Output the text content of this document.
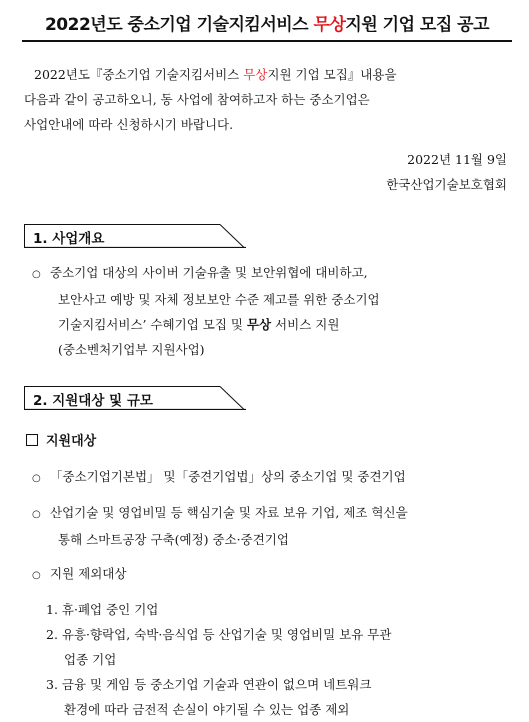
2022년도 중소기업 기술지킴서비스 무상지원 기업 모집 공고
2022년도『중소기업 기술지킴서비스 무상지원 기업 모집』내용을
다음과 같이 공고하오니, 동 사업에 참여하고자 하는 중소기업은
사업안내에 따라 신청하시기 바랍니다.
2022년 11월 9일
한국산업기술보호협회
1. 사업개요
○ 중소기업 대상의 사이버 기술유출 및 보안위협에 대비하고,
보안사고 예방 및 자체 정보보안 수준 제고를 위한 중소기업
기술지킴서비스’ 수혜기업 모집 및 무상 서비스 지원
(중소벤처기업부 지원사업)
2. 지원대상 및 규모
지원대상
○ 「중소기업기본법」 및「중견기업법」상의 중소기업 및 중견기업
○ 산업기술 및 영업비밀 등 핵심기술 및 자료 보유 기업, 제조 혁신을
통해 스마트공장 구축(예정) 중소·중견기업
○ 지원 제외대상
1. 휴·폐업 중인 기업
2. 유흥·향락업, 숙박·음식업 등 산업기술 및 영업비밀 보유 무관
업종 기업
3. 금융 및 게임 등 중소기업 기술과 연관이 없으며 네트워크
환경에 따라 금전적 손실이 야기될 수 있는 업종 제외
